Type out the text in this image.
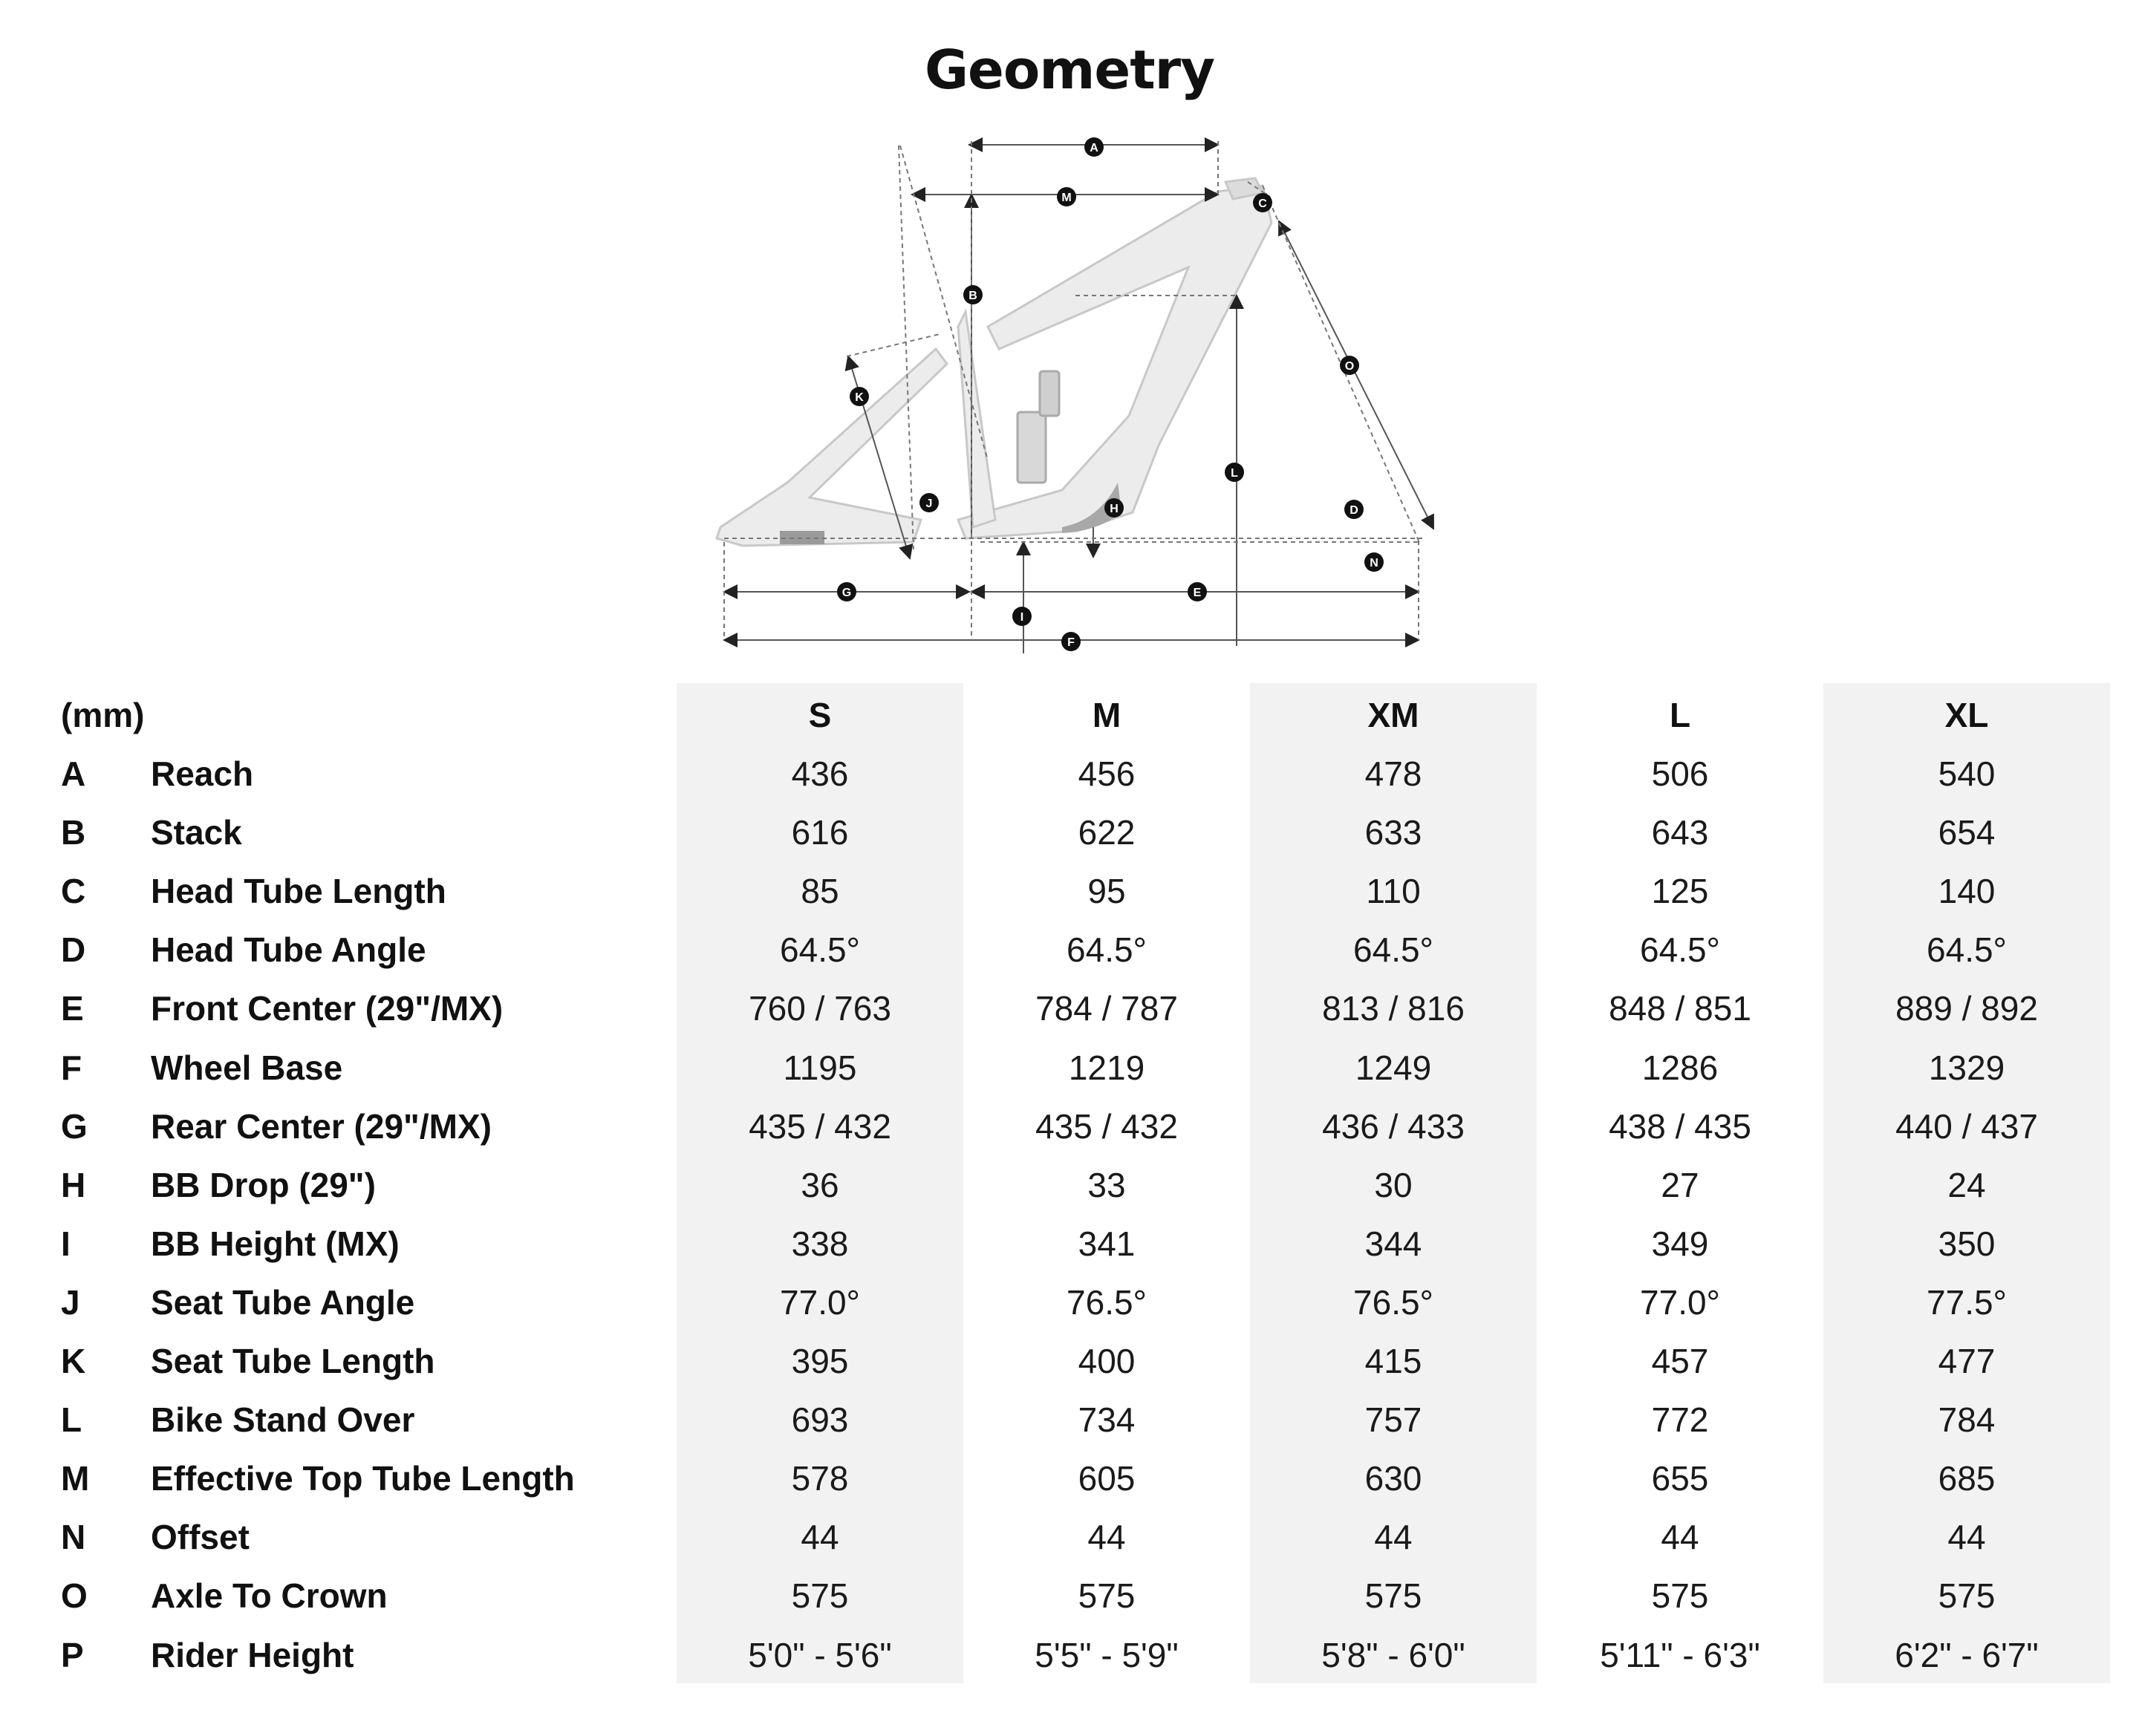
Geometry
A
M	C
B
O
K
L
J	H	D
N
G	E
I
F
(mm)	S	M	XM	L	XL
A Reach	436	456	478	506	540
B Stack	616	622	633	643	654
C Head Tube Length	85	95	110	125	140
D Head Tube Angle	64.5°	64.5°	64.5°	64.5°	64.5°
E Front Center (29"/MX)	760 / 763	784 / 787	813 / 816	848 / 851	889 / 892
F Wheel Base	1195	1219	1249	1286	1329
G Rear Center (29"/MX)	435 / 432	435 / 432	436 / 433	438 / 435	440 / 437
H BB Drop (29")	36	33	30	27	24
I BB Height (MX)	338	341	344	349	350
J Seat Tube Angle	77.0°	76.5°	76.5°	77.0°	77.5°
K Seat Tube Length	395	400	415	457	477
L Bike Stand Over	693	734	757	772	784
M Effective Top Tube Length	578	605	630	655	685
N Offset	44	44	44	44	44
O Axle To Crown	575	575	575	575	575
P Rider Height	5'0" - 5'6"	5'5" - 5'9"	5'8" - 6'0"	5'11" - 6'3"	6'2" - 6'7"
